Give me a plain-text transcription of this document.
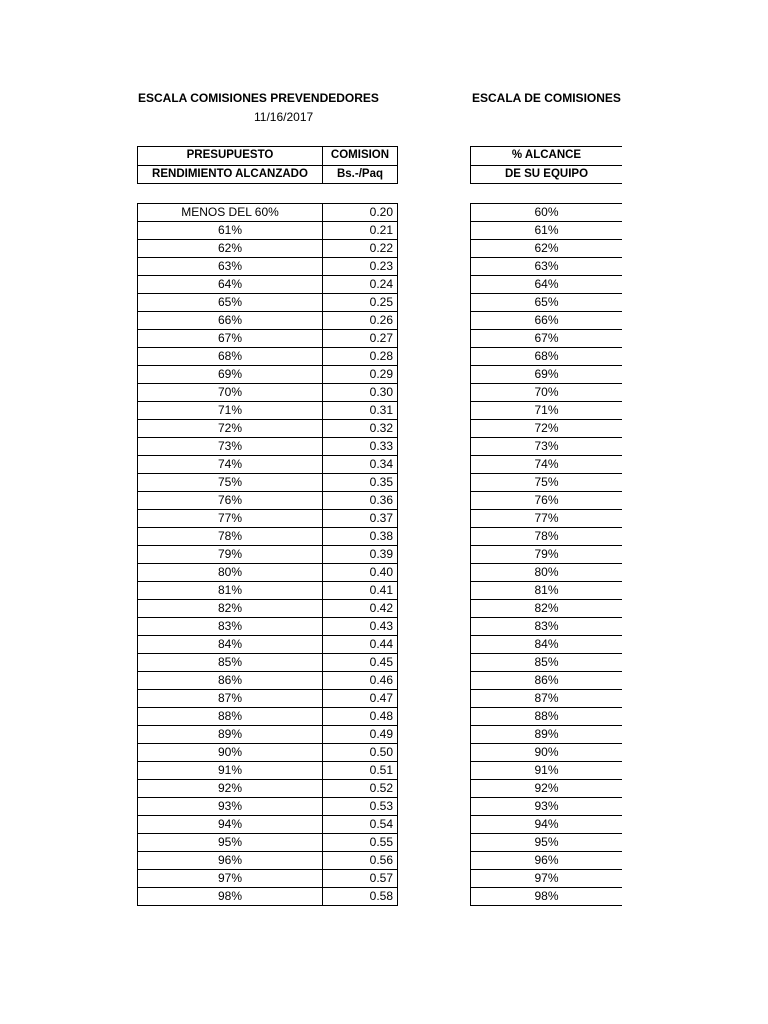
ESCALA COMISIONES PREVENDEDORES
11/16/2017
PRESUPUESTO	COMISION
RENDIMIENTO ALCANZADO	Bs.-/Paq
MENOS DEL 60%	0.20
61%	0.21
62%	0.22
63%	0.23
64%	0.24
65%	0.25
66%	0.26
67%	0.27
68%	0.28
69%	0.29
70%	0.30
71%	0.31
72%	0.32
73%	0.33
74%	0.34
75%	0.35
76%	0.36
77%	0.37
78%	0.38
79%	0.39
80%	0.40
81%	0.41
82%	0.42
83%	0.43
84%	0.44
85%	0.45
86%	0.46
87%	0.47
88%	0.48
89%	0.49
90%	0.50
91%	0.51
92%	0.52
93%	0.53
94%	0.54
95%	0.55
96%	0.56
97%	0.57
98%	0.58
ESCALA DE COMISIONES
% ALCANCE
DE SU EQUIPO
60%
61%
62%
63%
64%
65%
66%
67%
68%
69%
70%
71%
72%
73%
74%
75%
76%
77%
78%
79%
80%
81%
82%
83%
84%
85%
86%
87%
88%
89%
90%
91%
92%
93%
94%
95%
96%
97%
98%
